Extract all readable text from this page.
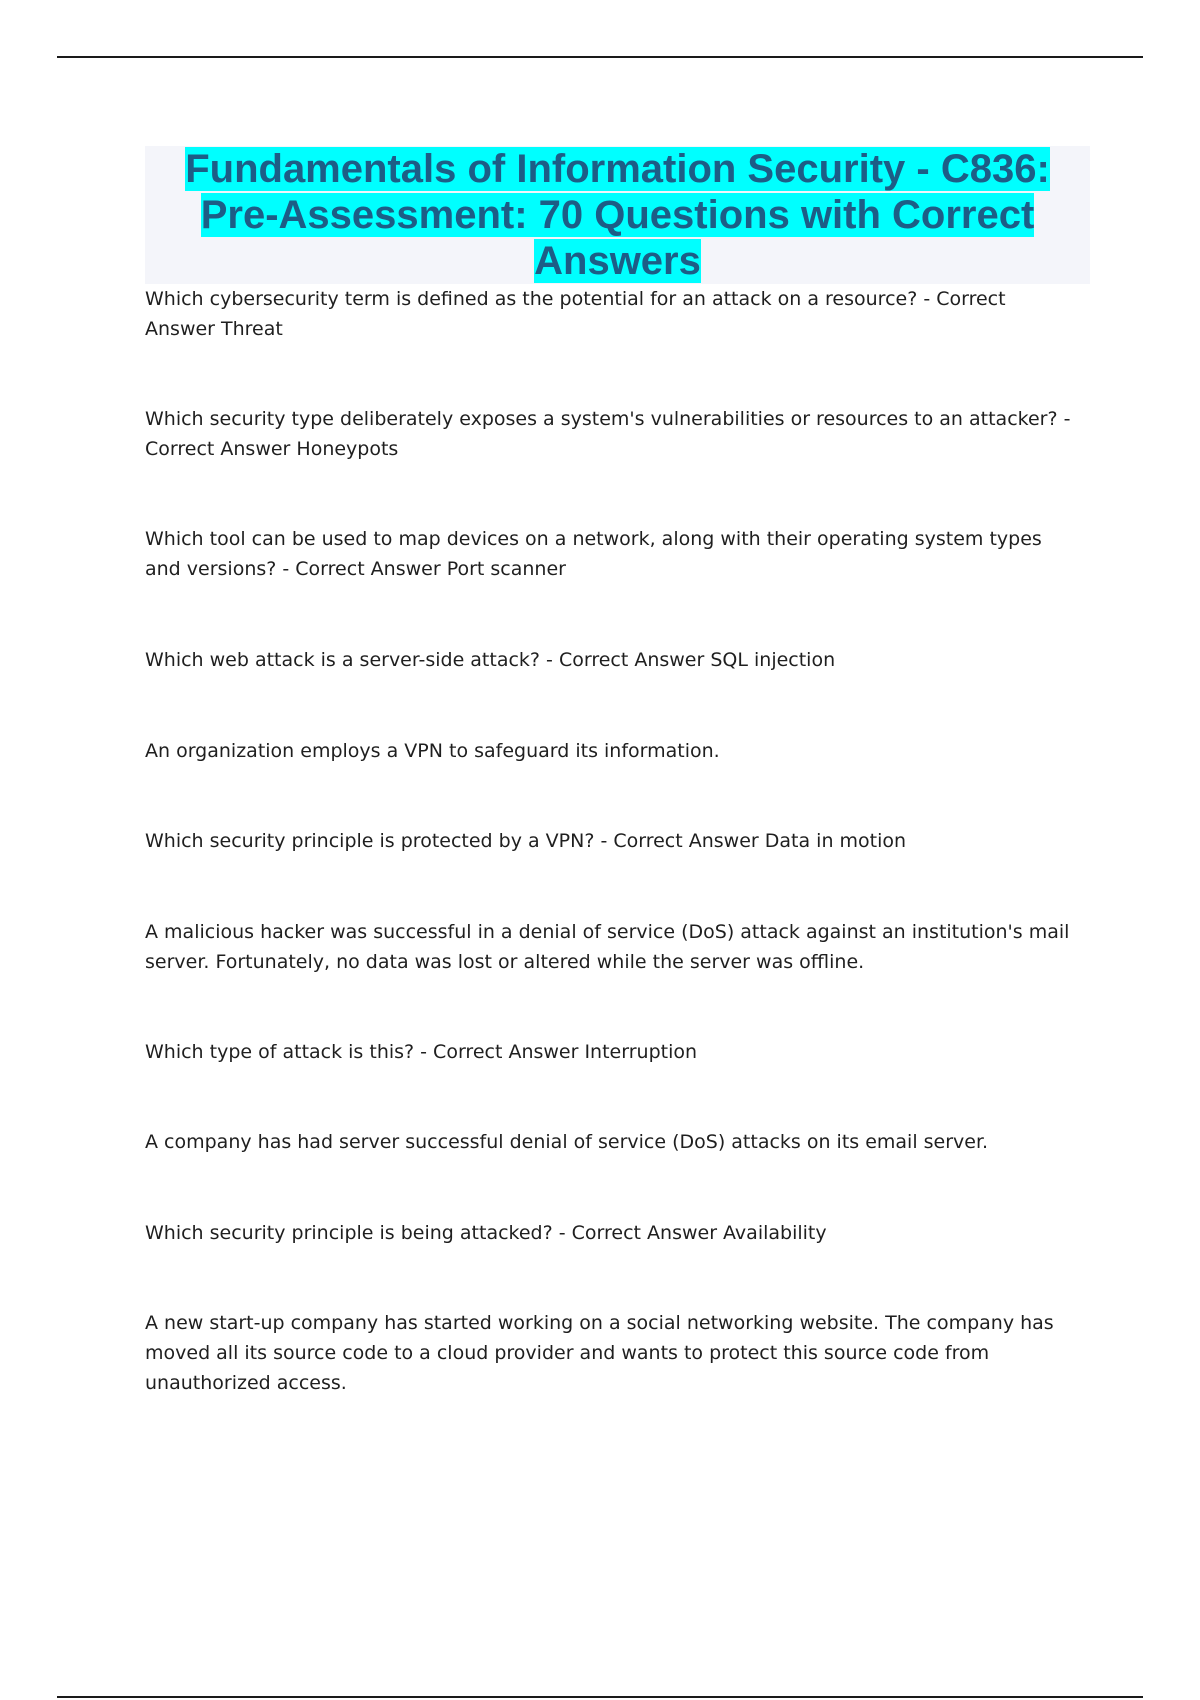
Fundamentals of Information Security - C836: Pre-Assessment: 70 Questions with Correct Answers

Which cybersecurity term is defined as the potential for an attack on a resource? - Correct Answer Threat

Which security type deliberately exposes a system's vulnerabilities or resources to an attacker? - Correct Answer Honeypots

Which tool can be used to map devices on a network, along with their operating system types and versions? - Correct Answer Port scanner

Which web attack is a server-side attack? - Correct Answer SQL injection

An organization employs a VPN to safeguard its information.

Which security principle is protected by a VPN? - Correct Answer Data in motion

A malicious hacker was successful in a denial of service (DoS) attack against an institution's mail server. Fortunately, no data was lost or altered while the server was offline.

Which type of attack is this? - Correct Answer Interruption

A company has had server successful denial of service (DoS) attacks on its email server.

Which security principle is being attacked? - Correct Answer Availability

A new start-up company has started working on a social networking website. The company has moved all its source code to a cloud provider and wants to protect this source code from unauthorized access.
